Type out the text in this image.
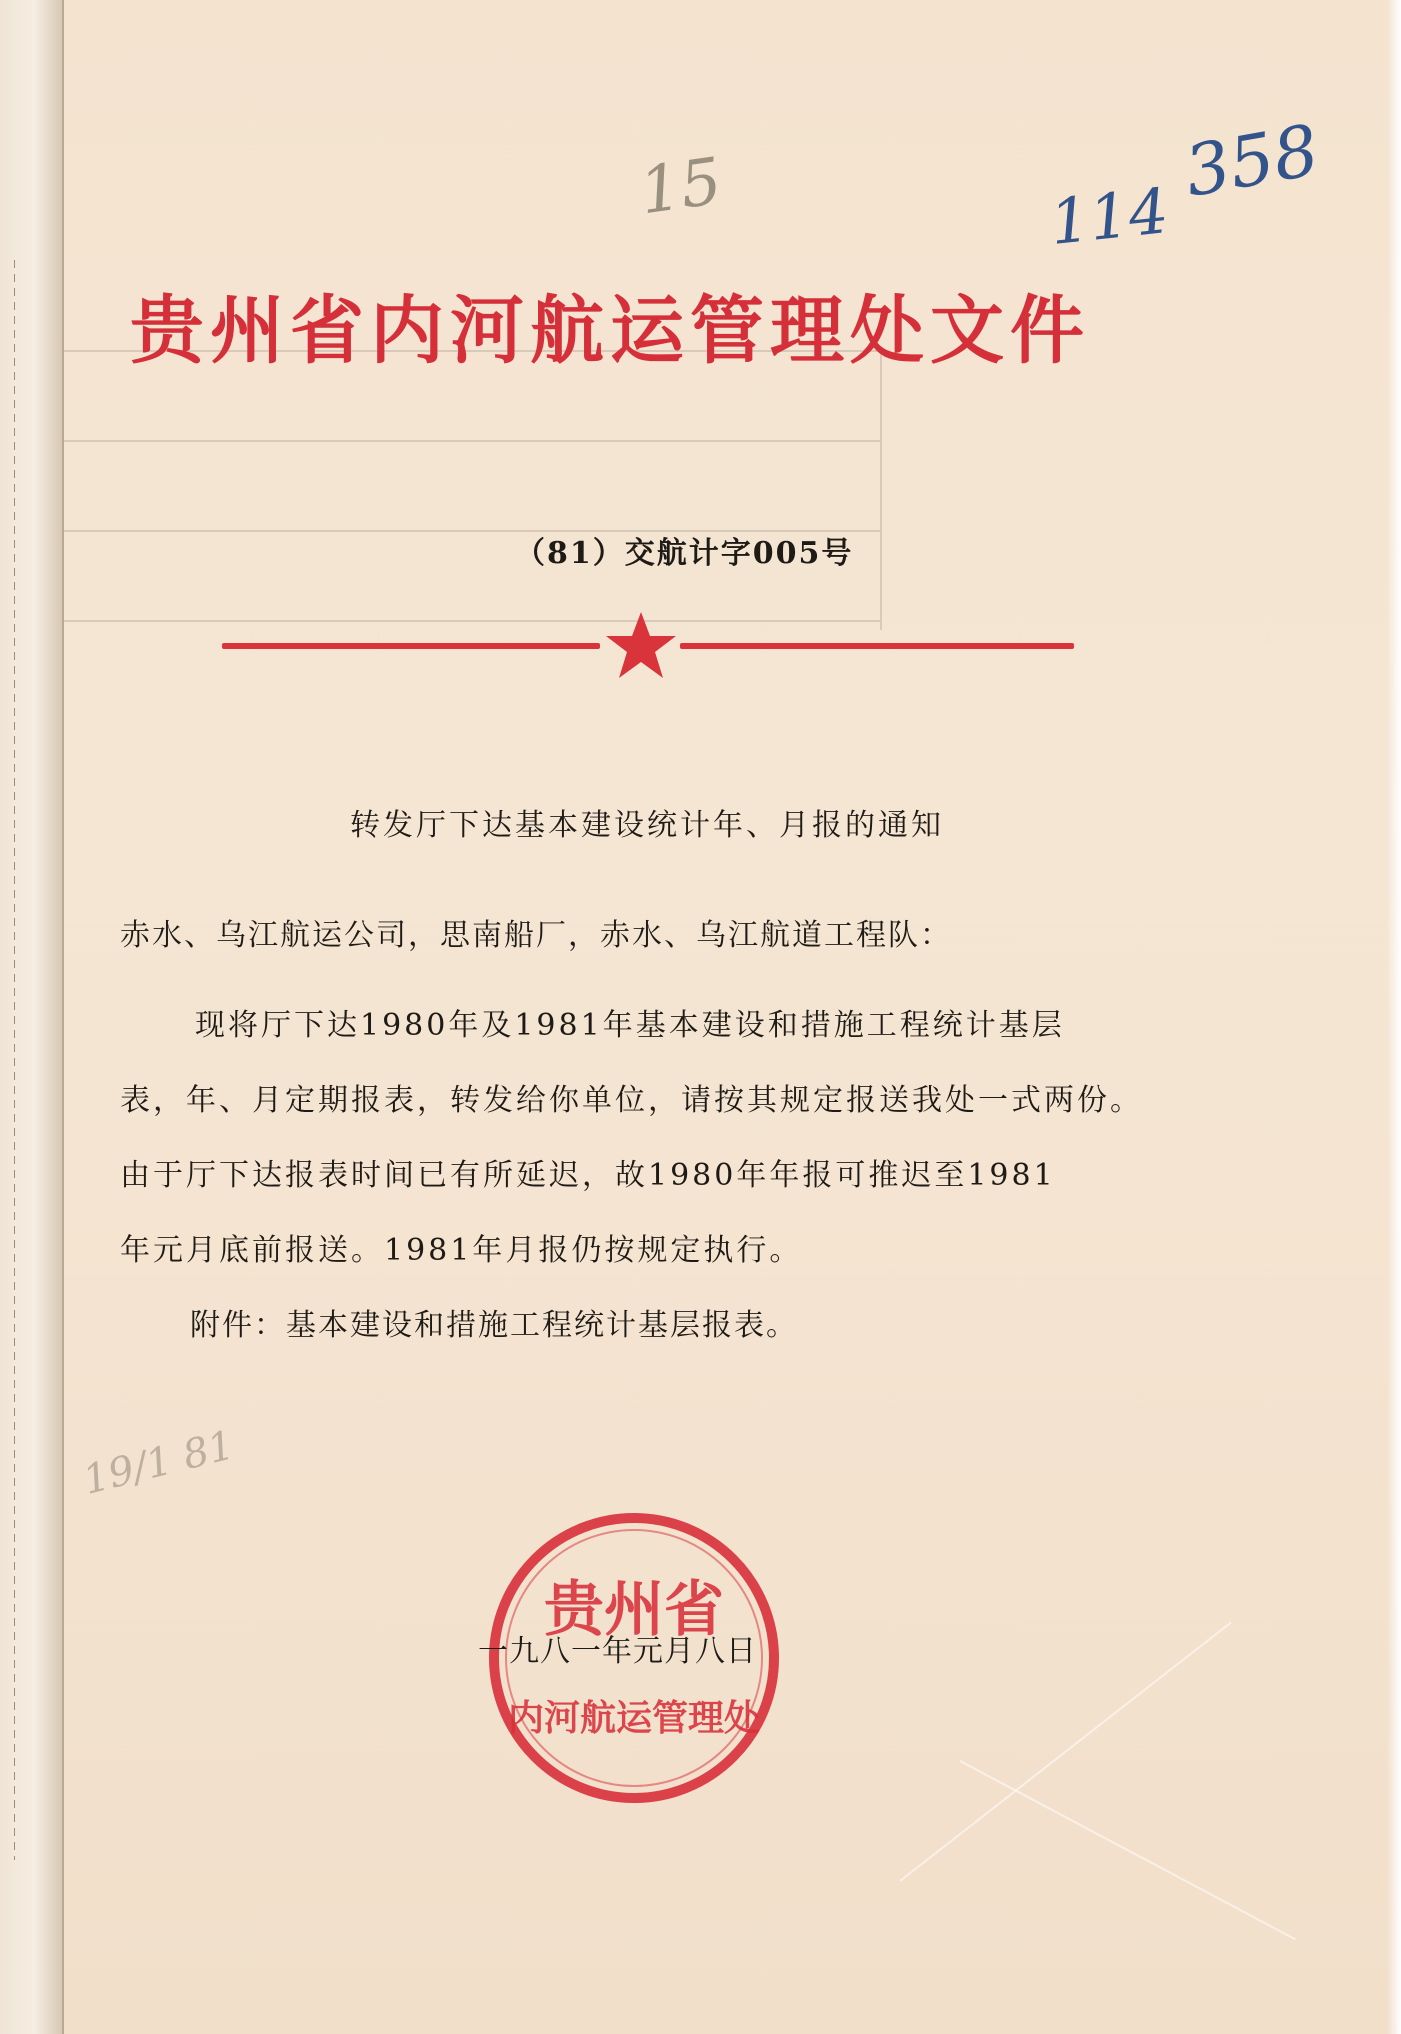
15	114
358
19/1 81
贵州省内河航运管理处文件
（81）交航计字005号
转发厅下达基本建设统计年、月报的通知
赤水、乌江航运公司，思南船厂，赤水、乌江航道工程队：
现将厅下达1980年及1981年基本建设和措施工程统计基层
表，年、月定期报表，转发给你单位，请按其规定报送我处一式两份。
由于厅下达报表时间已有所延迟，故1980年年报可推迟至1981
年元月底前报送。1981年月报仍按规定执行。
附件：基本建设和措施工程统计基层报表。
贵州省
内河航运管理处
一九八一年元月八日
